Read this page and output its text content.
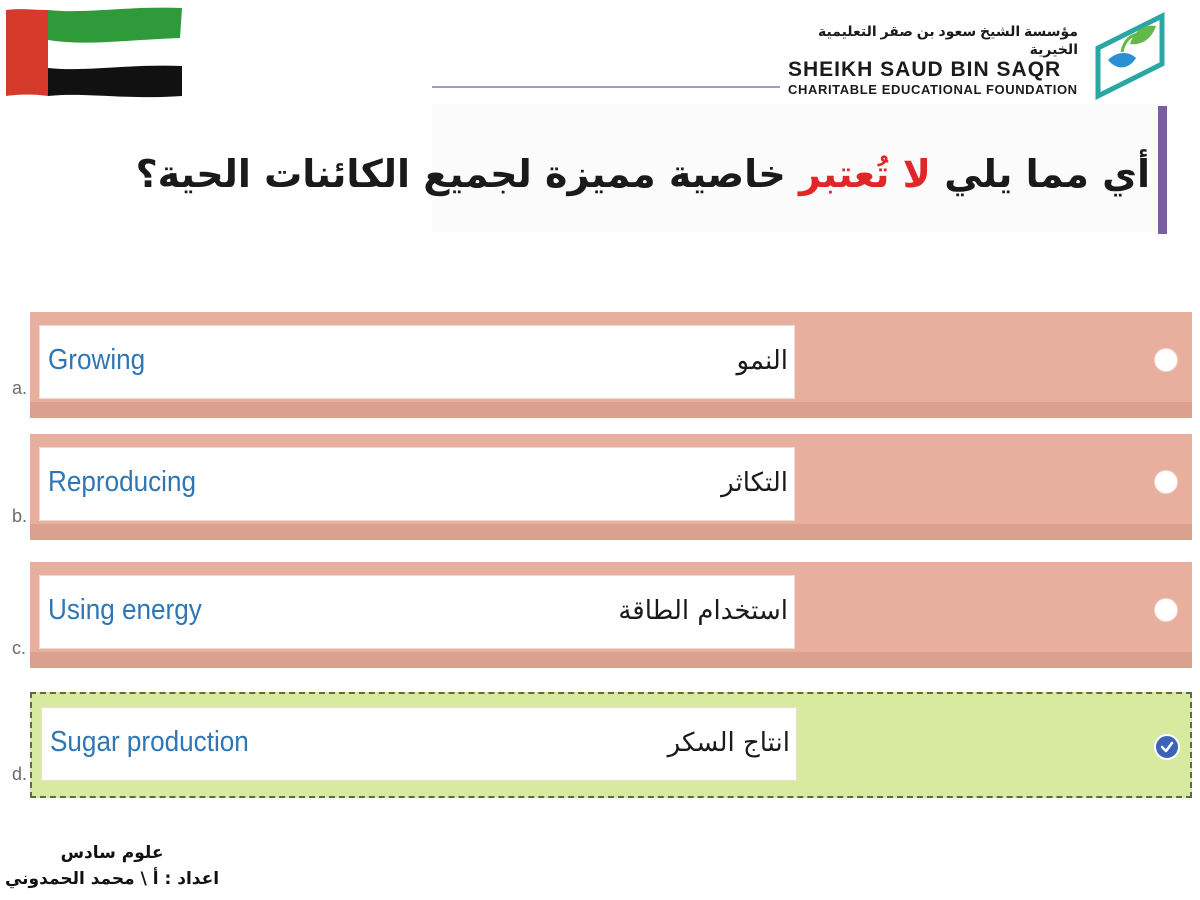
مؤسسة الشيخ سعود بن صقر التعليمية الخيرية
SHEIKH SAUD BIN SAQR
CHARITABLE EDUCATIONAL FOUNDATION
أي مما يلي لا تُعتبر خاصية مميزة لجميع الكائنات الحية؟
a.
Growing	النمو
b.
Reproducing	التكاثر
c.
Using energy	استخدام الطاقة
d.
Sugar production	انتاج السكر
علوم سادس
اعداد : أ \ محمد الحمدوني
